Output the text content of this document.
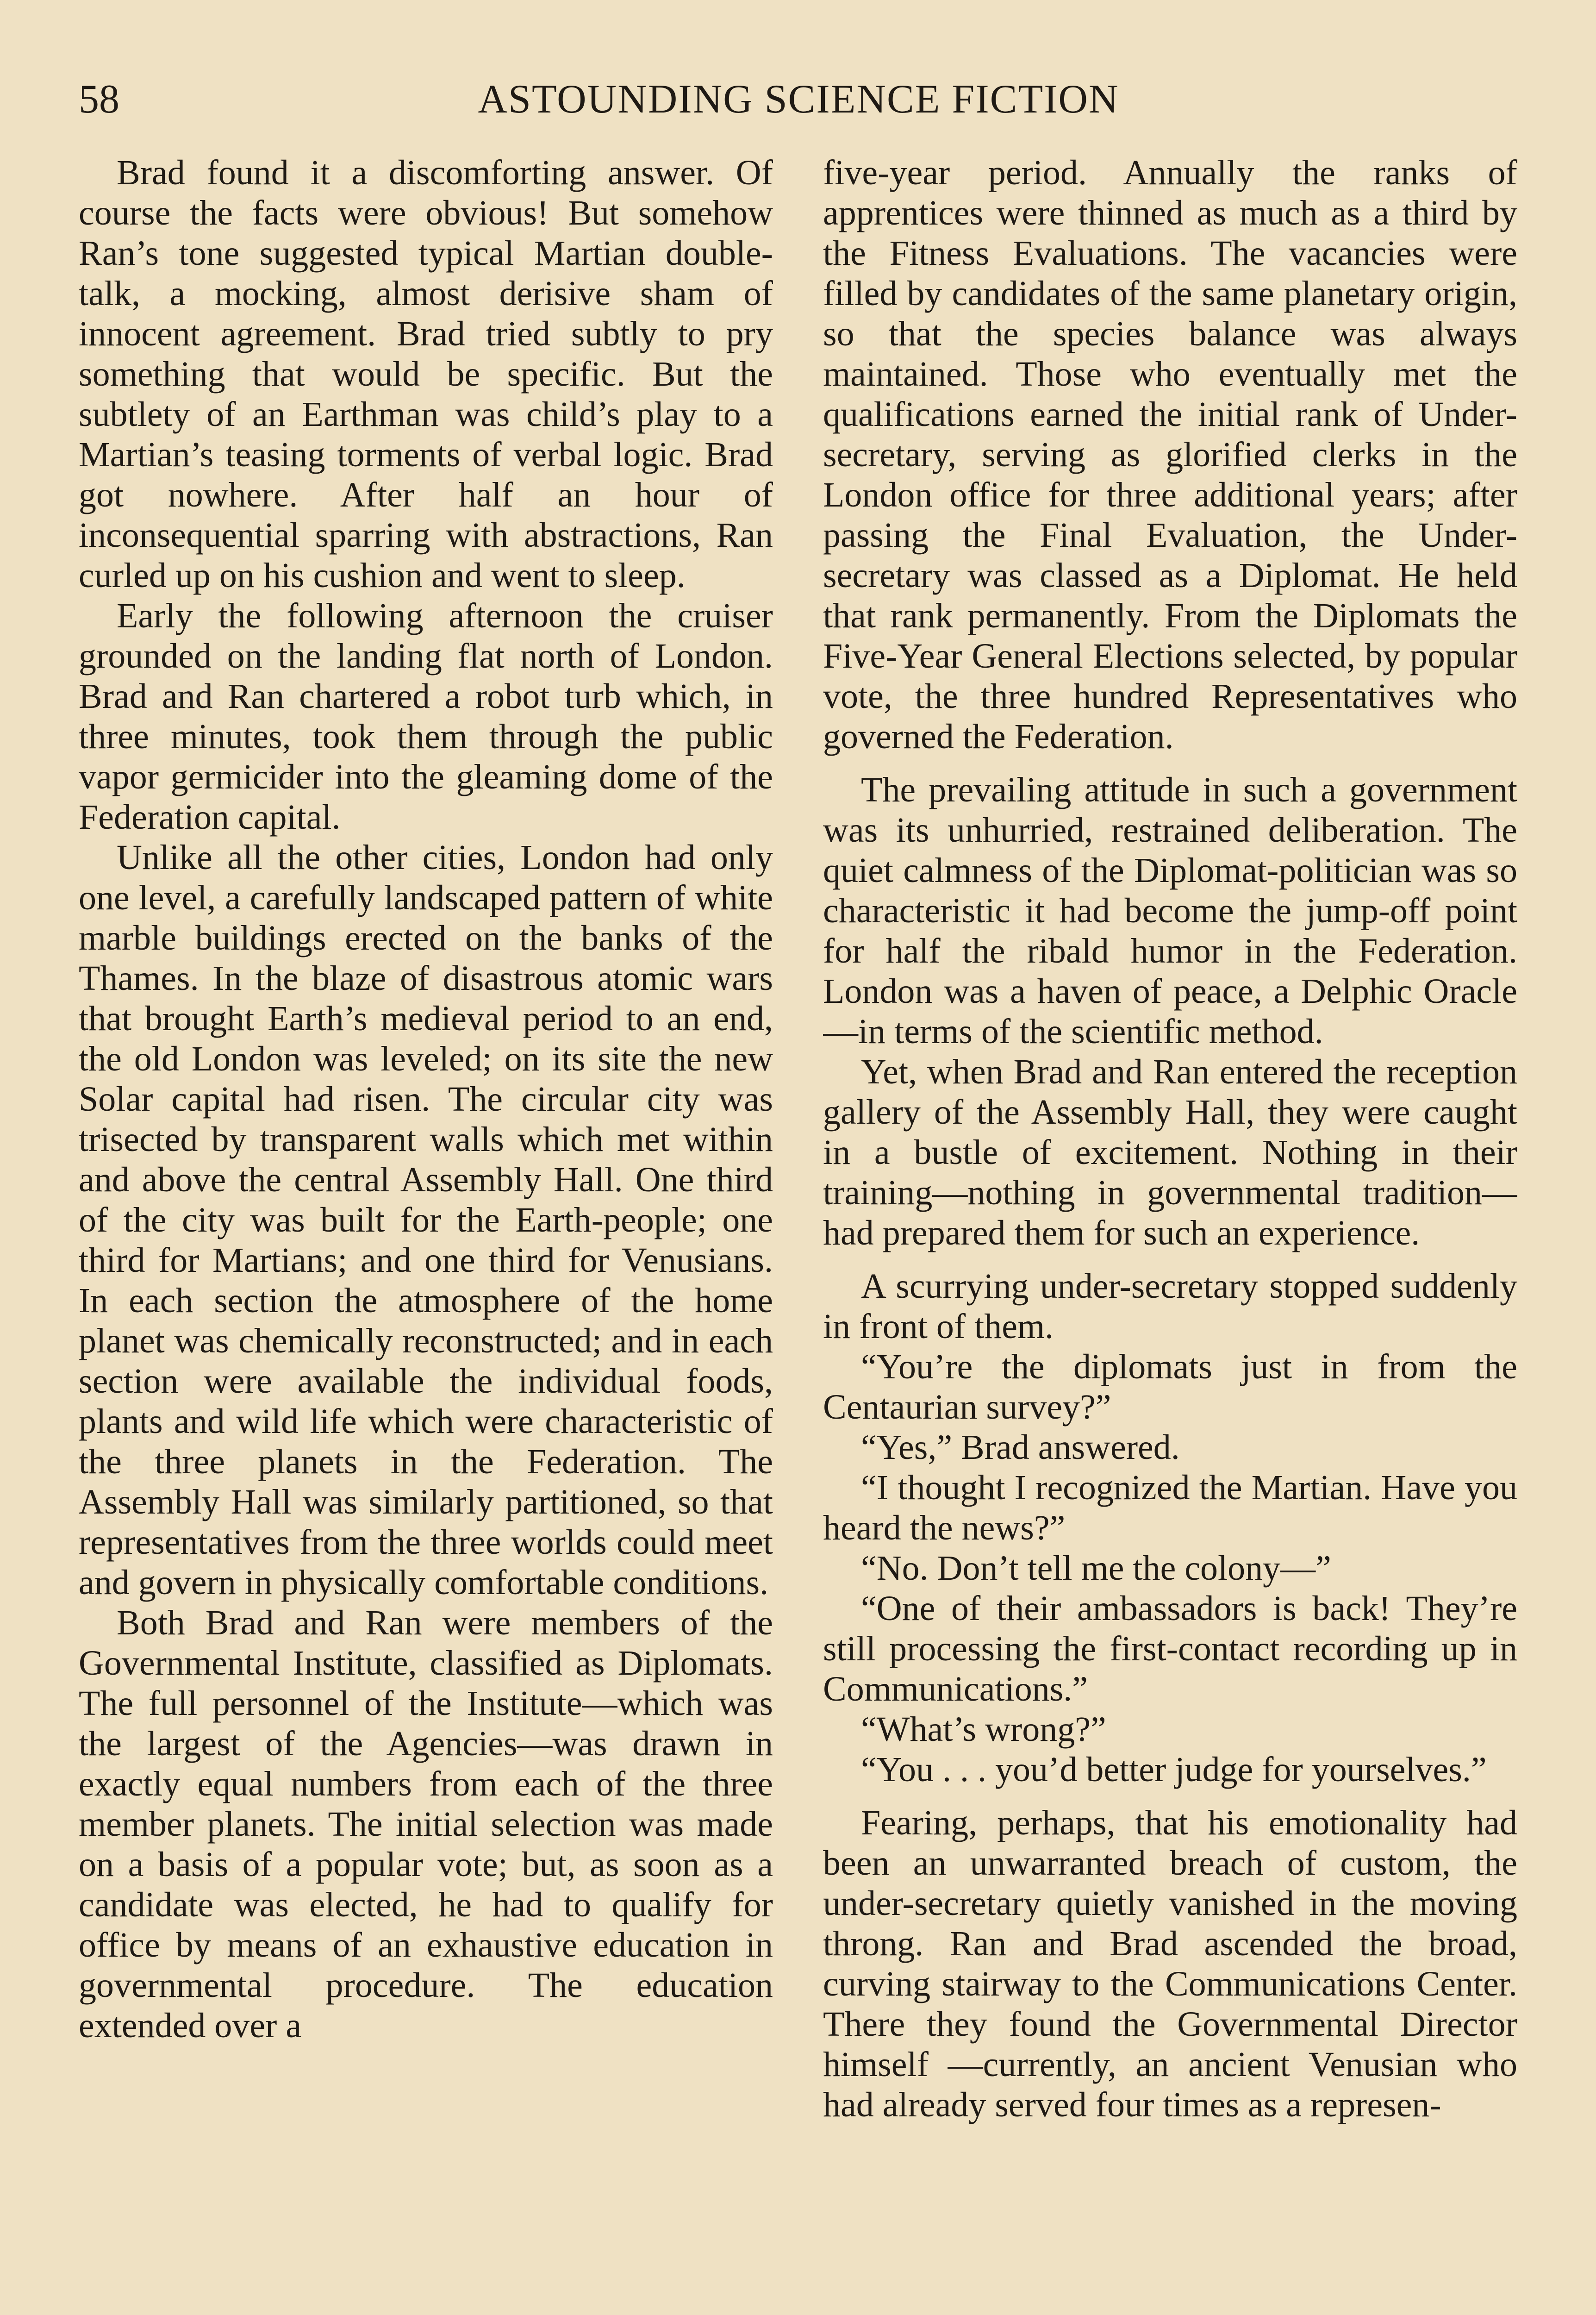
58	ASTOUNDING SCIENCE FICTION

Brad found it a discomforting answer. Of course the facts were obvious! But somehow Ran’s tone suggested typical Martian double-talk, a mocking, almost derisive sham of innocent agreement. Brad tried subtly to pry something that would be specific. But the subtlety of an Earthman was child’s play to a Martian’s teasing torments of verbal logic. Brad got nowhere. After half an hour of inconsequential sparring with abstractions, Ran curled up on his cushion and went to sleep.

Early the following afternoon the cruiser grounded on the landing flat north of London. Brad and Ran chartered a robot turb which, in three minutes, took them through the public vapor germicider into the gleaming dome of the Federation capital.

Unlike all the other cities, London had only one level, a carefully landscaped pattern of white marble buildings erected on the banks of the Thames. In the blaze of disastrous atomic wars that brought Earth’s medieval period to an end, the old London was leveled; on its site the new Solar capital had risen. The circular city was trisected by transparent walls which met within and above the central Assembly Hall. One third of the city was built for the Earth-people; one third for Martians; and one third for Venusians. In each section the atmosphere of the home planet was chemically reconstructed; and in each section were available the individual foods, plants and wild life which were characteristic of the three planets in the Federation. The Assembly Hall was similarly partitioned, so that representatives from the three worlds could meet and govern in physically comfortable conditions.

Both Brad and Ran were members of the Governmental Institute, classified as Diplomats. The full personnel of the Institute—which was the largest of the Agencies—was drawn in exactly equal numbers from each of the three member planets. The initial selection was made on a basis of a popular vote; but, as soon as a candidate was elected, he had to qualify for office by means of an exhaustive education in governmental procedure. The education extended over a

five-year period. Annually the ranks of apprentices were thinned as much as a third by the Fitness Evaluations. The vacancies were filled by candidates of the same planetary origin, so that the species balance was always maintained. Those who eventually met the qualifications earned the initial rank of Under-secretary, serving as glorified clerks in the London office for three additional years; after passing the Final Evaluation, the Under-secretary was classed as a Diplomat. He held that rank permanently. From the Diplomats the Five-Year General Elections selected, by popular vote, the three hundred Representatives who governed the Federation.

The prevailing attitude in such a government was its unhurried, restrained deliberation. The quiet calmness of the Diplomat-politician was so characteristic it had become the jump-off point for half the ribald humor in the Federation. London was a haven of peace, a Delphic Oracle—in terms of the scientific method.

Yet, when Brad and Ran entered the reception gallery of the Assembly Hall, they were caught in a bustle of excitement. Nothing in their training—nothing in governmental tradition—had prepared them for such an experience.

A scurrying under-secretary stopped suddenly in front of them.

“You’re the diplomats just in from the Centaurian survey?”

“Yes,” Brad answered.

“I thought I recognized the Martian. Have you heard the news?”

“No. Don’t tell me the colony—”

“One of their ambassadors is back! They’re still processing the first-contact recording up in Communications.”

“What’s wrong?”

“You . . . you’d better judge for yourselves.”

Fearing, perhaps, that his emotionality had been an unwarranted breach of custom, the under-secretary quietly vanished in the moving throng. Ran and Brad ascended the broad, curving stairway to the Communications Center. There they found the Governmental Director himself —currently, an ancient Venusian who had already served four times as a represen-
